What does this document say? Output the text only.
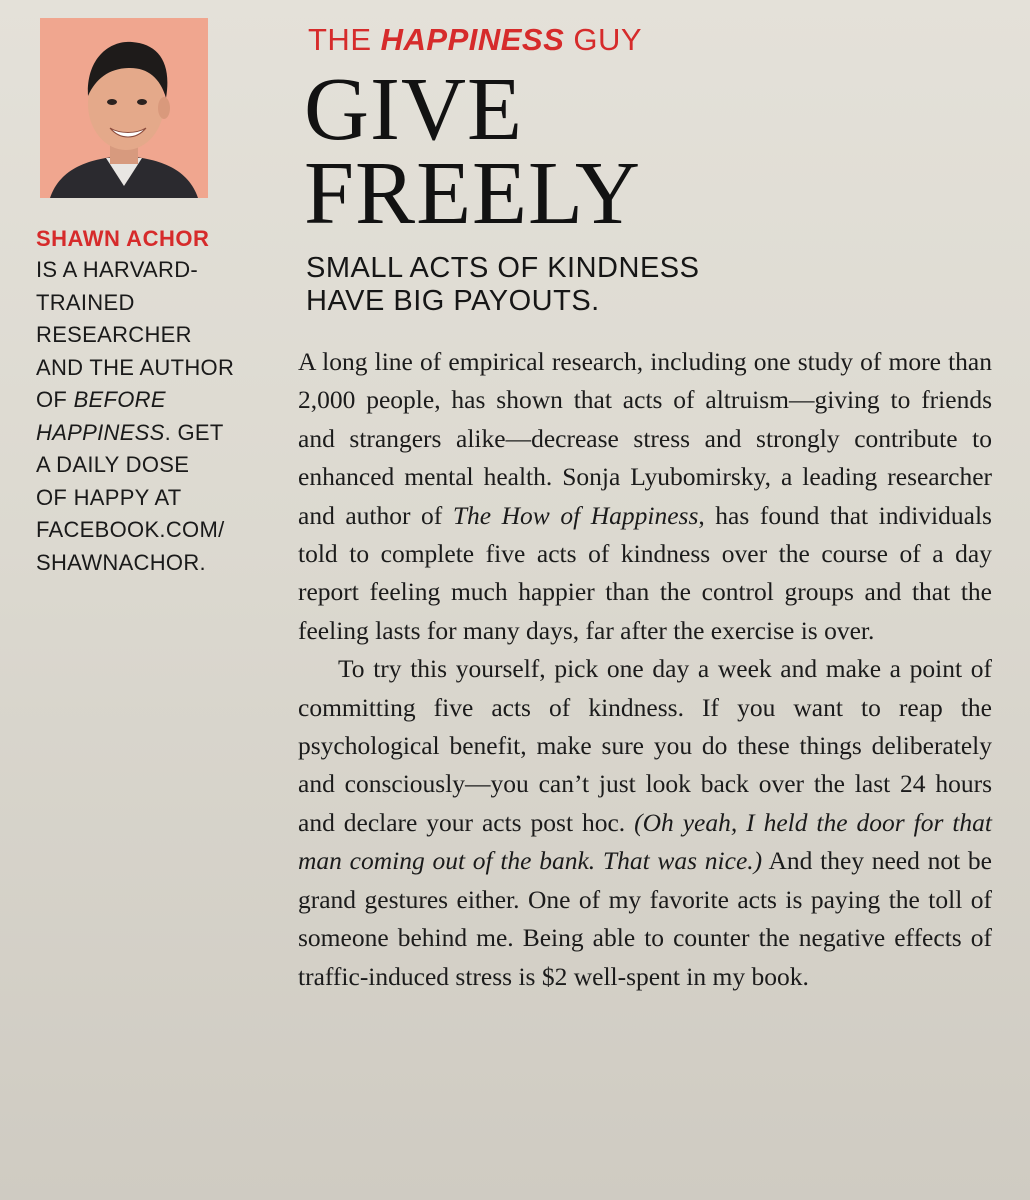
SHAWN ACHOR
IS A HARVARD-
TRAINED
RESEARCHER
AND THE AUTHOR
OF BEFORE
HAPPINESS. GET
A DAILY DOSE
OF HAPPY AT
FACEBOOK.COM/
SHAWNACHOR.
THE HAPPINESS GUY
GIVE
FREELY
SMALL ACTS OF KINDNESS HAVE BIG PAYOUTS.

A long line of empirical research, including one study of more than 2,000 people, has shown that acts of altruism—giving to friends and strangers alike—decrease stress and strongly contribute to enhanced mental health. Sonja Lyubomirsky, a leading researcher and author of The How of Happiness, has found that individuals told to complete five acts of kindness over the course of a day report feeling much happier than the control groups and that the feeling lasts for many days, far after the exercise is over.

To try this yourself, pick one day a week and make a point of committing five acts of kindness. If you want to reap the psychological benefit, make sure you do these things deliberately and consciously—you can’t just look back over the last 24 hours and declare your acts post hoc. (Oh yeah, I held the door for that man coming out of the bank. That was nice.) And they need not be grand gestures either. One of my favorite acts is paying the toll of someone behind me. Being able to counter the negative effects of traffic-induced stress is $2 well-spent in my book.
